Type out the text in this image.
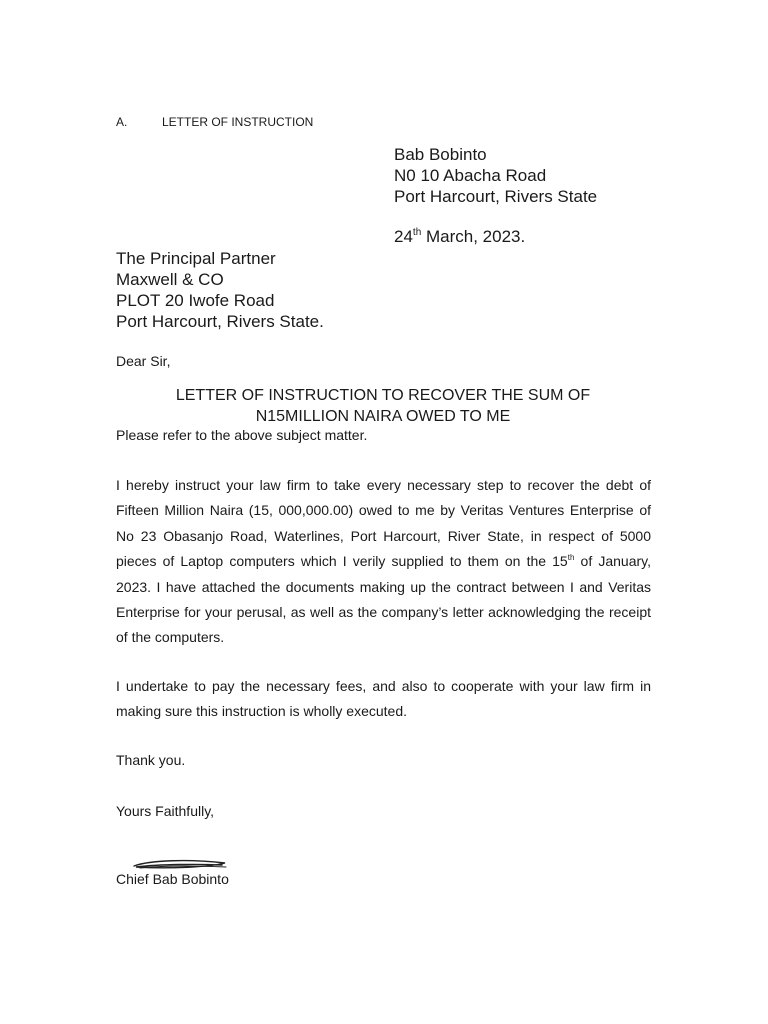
A.	LETTER OF INSTRUCTION
Bab Bobinto
N0 10 Abacha Road
Port Harcourt, Rivers State
24th March, 2023.
The Principal Partner
Maxwell & CO
PLOT 20 Iwofe Road
Port Harcourt, Rivers State.
Dear Sir,
LETTER OF INSTRUCTION TO RECOVER THE SUM OF
N15MILLION NAIRA OWED TO ME
Please refer to the above subject matter.
I hereby instruct your law firm to take every necessary step to recover the debt of Fifteen Million Naira (15, 000,000.00) owed to me by Veritas Ventures Enterprise of No 23 Obasanjo Road, Waterlines, Port Harcourt, River State, in respect of 5000 pieces of Laptop computers which I verily supplied to them on the 15th of January, 2023. I have attached the documents making up the contract between I and Veritas Enterprise for your perusal, as well as the company’s letter acknowledging the receipt of the computers.
I undertake to pay the necessary fees, and also to cooperate with your law firm in making sure this instruction is wholly executed.
Thank you.
Yours Faithfully,
Chief Bab Bobinto
